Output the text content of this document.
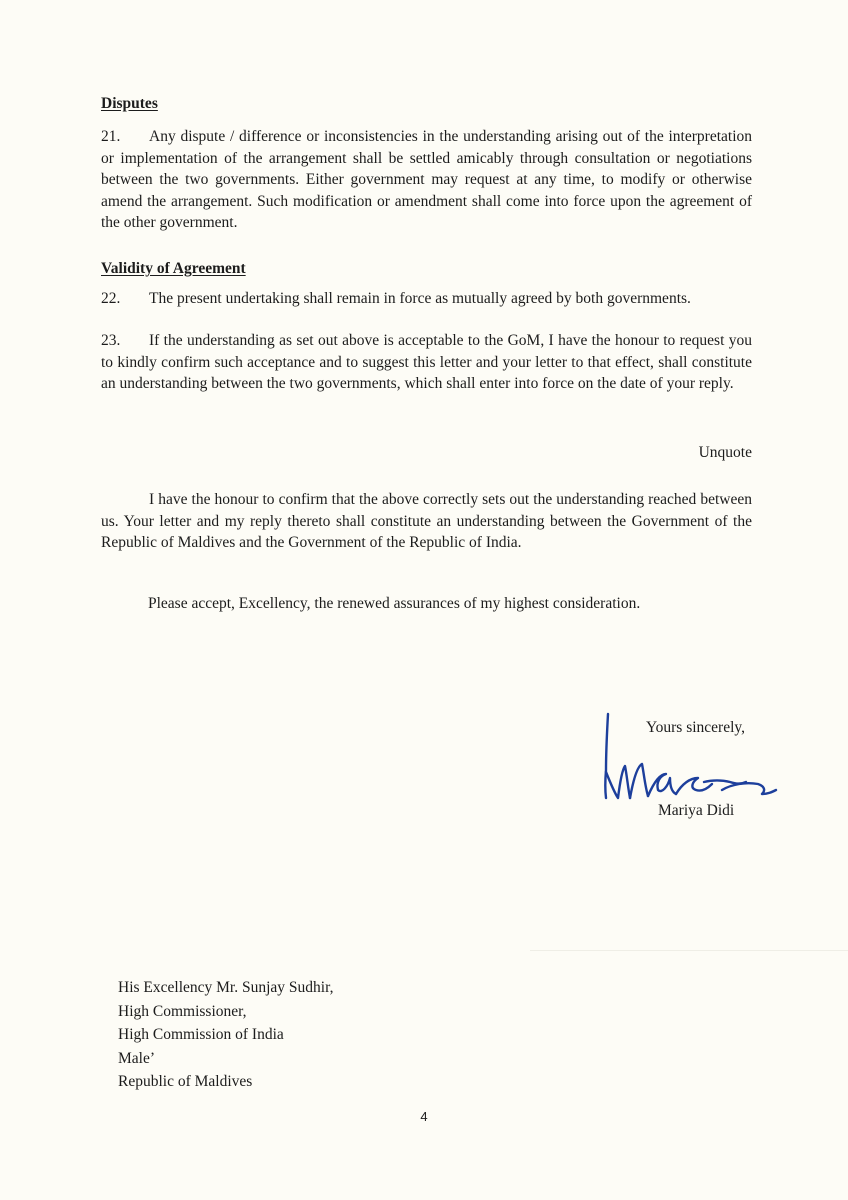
Disputes

21. Any dispute / difference or inconsistencies in the understanding arising out of the interpretation or implementation of the arrangement shall be settled amicably through consultation or negotiations between the two governments. Either government may request at any time, to modify or otherwise amend the arrangement. Such modification or amendment shall come into force upon the agreement of the other government.

Validity of Agreement

22. The present undertaking shall remain in force as mutually agreed by both governments.

23. If the understanding as set out above is acceptable to the GoM, I have the honour to request you to kindly confirm such acceptance and to suggest this letter and your letter to that effect, shall constitute an understanding between the two governments, which shall enter into force on the date of your reply.

Unquote

I have the honour to confirm that the above correctly sets out the understanding reached between us. Your letter and my reply thereto shall constitute an understanding between the Government of the Republic of Maldives and the Government of the Republic of India.

Please accept, Excellency, the renewed assurances of my highest consideration.

Yours sincerely,

Mariya Didi

His Excellency Mr. Sunjay Sudhir,
High Commissioner,
High Commission of India
Male’
Republic of Maldives

4
